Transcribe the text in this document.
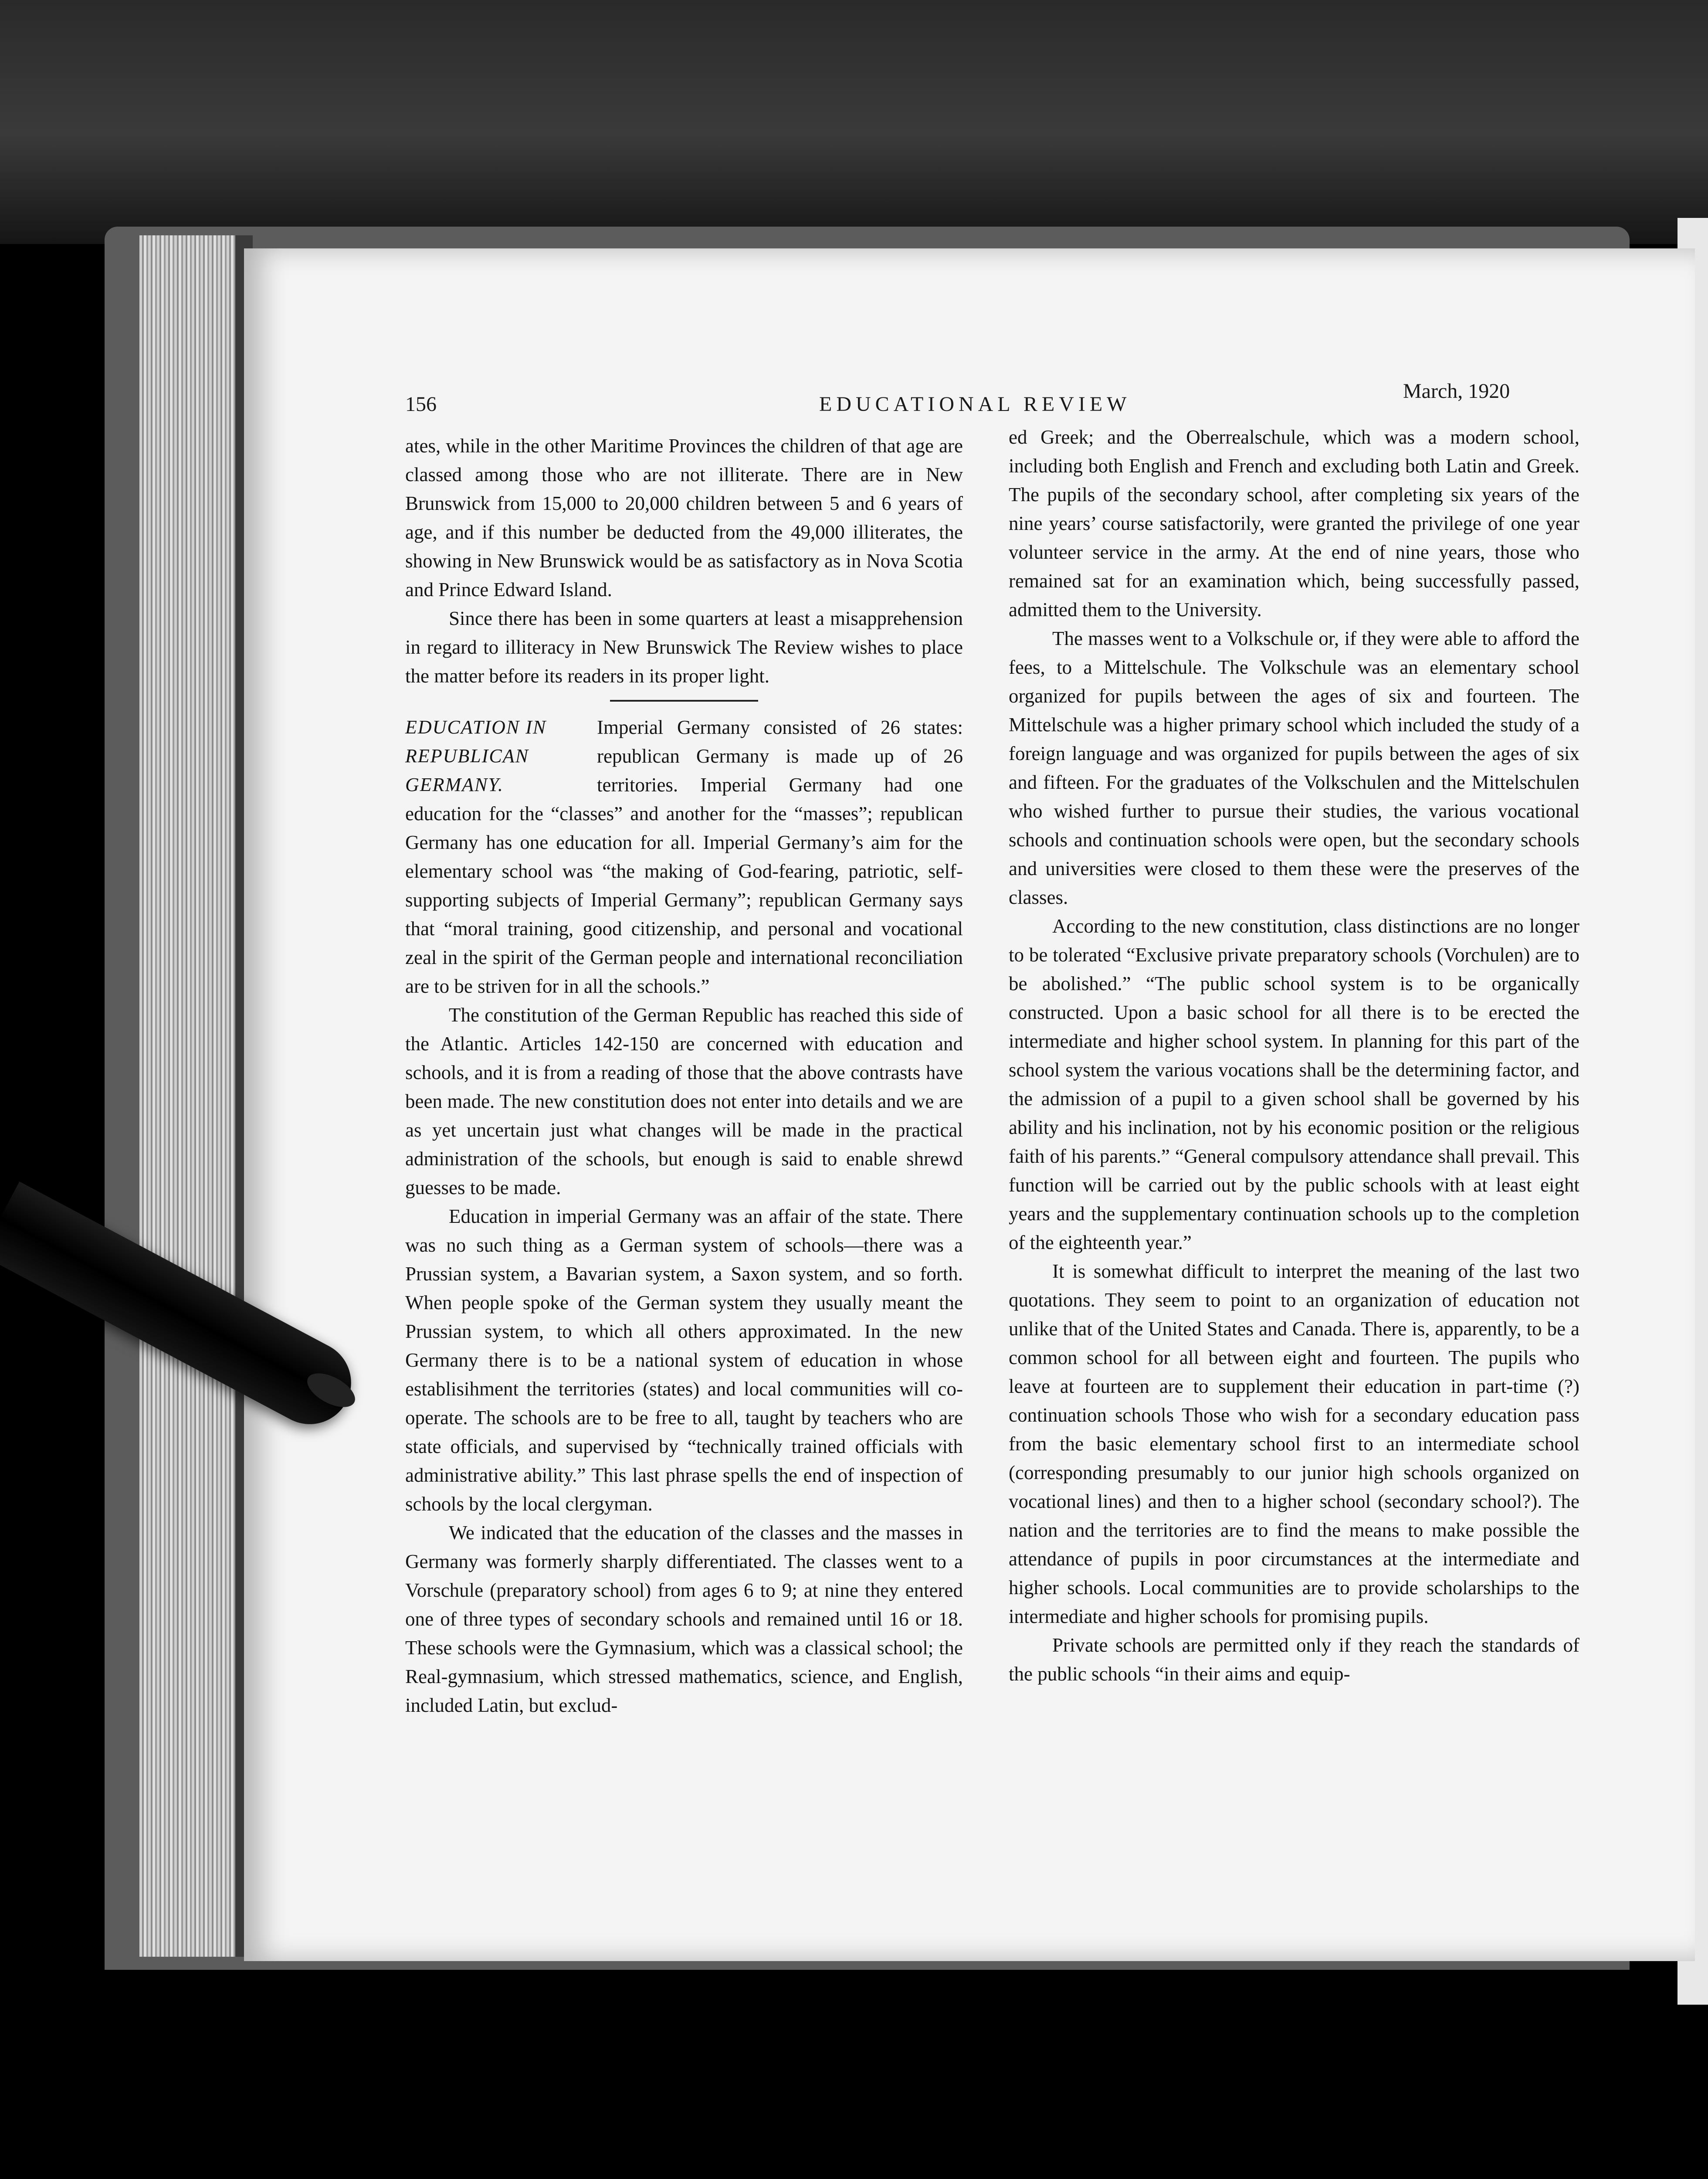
156	EDUCATIONAL REVIEW
March, 1920

ates, while in the other Maritime Provinces the children of that age are classed among those who are not illiterate. There are in New Brunswick from 15,000 to 20,000 children between 5 and 6 years of age, and if this number be deducted from the 49,000 illiterates, the showing in New Brunswick would be as satisfactory as in Nova Scotia and Prince Edward Island.

Since there has been in some quarters at least a misapprehension in regard to illiteracy in New Brunswick The Review wishes to place the matter before its readers in its proper light.

EDUCATION IN REPUBLICAN GERMANY.

Imperial Germany consisted of 26 states: republican Germany is made up of 26 territories. Imperial Germany had one education for the “classes” and another for the “masses”; republican Germany has one education for all. Imperial Germany’s aim for the elementary school was “the making of God-fearing, patriotic, self-supporting subjects of Imperial Germany”; republican Germany says that “moral training, good citizenship, and personal and vocational zeal in the spirit of the German people and international reconciliation are to be striven for in all the schools.”

The constitution of the German Republic has reached this side of the Atlantic. Articles 142-150 are concerned with education and schools, and it is from a reading of those that the above contrasts have been made. The new constitution does not enter into details and we are as yet uncertain just what changes will be made in the practical administration of the schools, but enough is said to enable shrewd guesses to be made.

Education in imperial Germany was an affair of the state. There was no such thing as a German system of schools—there was a Prussian system, a Bavarian system, a Saxon system, and so forth. When people spoke of the German system they usually meant the Prussian system, to which all others approximated. In the new Germany there is to be a national system of education in whose establisihment the territories (states) and local communities will co-operate. The schools are to be free to all, taught by teachers who are state officials, and supervised by “technically trained officials with administrative ability.” This last phrase spells the end of inspection of schools by the local clergyman.

We indicated that the education of the classes and the masses in Germany was formerly sharply differentiated. The classes went to a Vorschule (preparatory school) from ages 6 to 9; at nine they entered one of three types of secondary schools and remained until 16 or 18. These schools were the Gymnasium, which was a classical school; the Real-gymnasium, which stressed mathematics, science, and English, included Latin, but exclud-

ed Greek; and the Oberrealschule, which was a modern school, including both English and French and excluding both Latin and Greek. The pupils of the secondary school, after completing six years of the nine years’ course satisfactorily, were granted the privilege of one year volunteer service in the army. At the end of nine years, those who remained sat for an examination which, being successfully passed, admitted them to the University.

The masses went to a Volkschule or, if they were able to afford the fees, to a Mittelschule. The Volkschule was an elementary school organized for pupils between the ages of six and fourteen. The Mittelschule was a higher primary school which included the study of a foreign language and was organized for pupils between the ages of six and fifteen. For the graduates of the Volkschulen and the Mittelschulen who wished further to pursue their studies, the various vocational schools and continuation schools were open, but the secondary schools and universities were closed to them these were the preserves of the classes.

According to the new constitution, class distinctions are no longer to be tolerated “Exclusive private preparatory schools (Vorchulen) are to be abolished.” “The public school system is to be organically constructed. Upon a basic school for all there is to be erected the intermediate and higher school system. In planning for this part of the school system the various vocations shall be the determining factor, and the admission of a pupil to a given school shall be governed by his ability and his inclination, not by his economic position or the religious faith of his parents.” “General compulsory attendance shall prevail. This function will be carried out by the public schools with at least eight years and the supplementary continuation schools up to the completion of the eighteenth year.”

It is somewhat difficult to interpret the meaning of the last two quotations. They seem to point to an organization of education not unlike that of the United States and Canada. There is, apparently, to be a common school for all between eight and fourteen. The pupils who leave at fourteen are to supplement their education in part-time (?) continuation schools Those who wish for a secondary education pass from the basic elementary school first to an intermediate school (corresponding presumably to our junior high schools organized on vocational lines) and then to a higher school (secondary school?). The nation and the territories are to find the means to make possible the attendance of pupils in poor circumstances at the intermediate and higher schools. Local communities are to provide scholarships to the intermediate and higher schools for promising pupils.

Private schools are permitted only if they reach the standards of the public schools “in their aims and equip-
